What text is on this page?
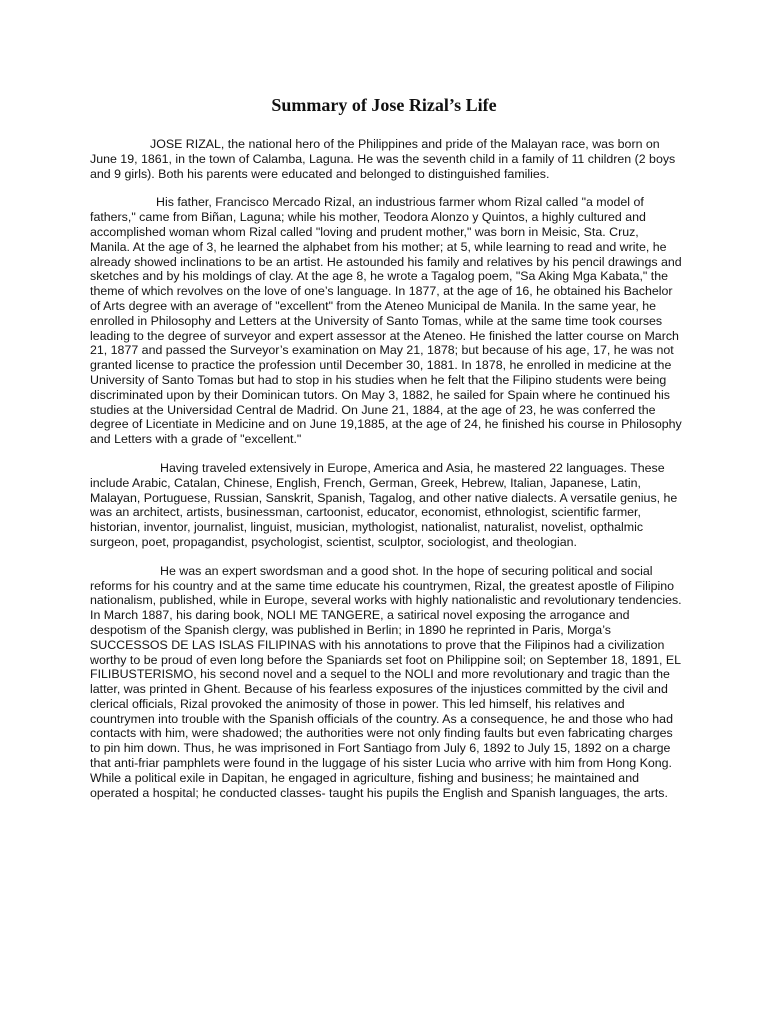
Summary of Jose Rizal’s Life

JOSE RIZAL, the national hero of the Philippines and pride of the Malayan race, was born on June 19, 1861, in the town of Calamba, Laguna. He was the seventh child in a family of 11 children (2 boys and 9 girls). Both his parents were educated and belonged to distinguished families.

His father, Francisco Mercado Rizal, an industrious farmer whom Rizal called "a model of fathers," came from Biñan, Laguna; while his mother, Teodora Alonzo y Quintos, a highly cultured and accomplished woman whom Rizal called "loving and prudent mother," was born in Meisic, Sta. Cruz, Manila. At the age of 3, he learned the alphabet from his mother; at 5, while learning to read and write, he already showed inclinations to be an artist. He astounded his family and relatives by his pencil drawings and sketches and by his moldings of clay. At the age 8, he wrote a Tagalog poem, "Sa Aking Mga Kabata," the theme of which revolves on the love of one’s language. In 1877, at the age of 16, he obtained his Bachelor of Arts degree with an average of "excellent" from the Ateneo Municipal de Manila. In the same year, he enrolled in Philosophy and Letters at the University of Santo Tomas, while at the same time took courses leading to the degree of surveyor and expert assessor at the Ateneo. He finished the latter course on March 21, 1877 and passed the Surveyor’s examination on May 21, 1878; but because of his age, 17, he was not granted license to practice the profession until December 30, 1881. In 1878, he enrolled in medicine at the University of Santo Tomas but had to stop in his studies when he felt that the Filipino students were being discriminated upon by their Dominican tutors. On May 3, 1882, he sailed for Spain where he continued his studies at the Universidad Central de Madrid. On June 21, 1884, at the age of 23, he was conferred the degree of Licentiate in Medicine and on June 19,1885, at the age of 24, he finished his course in Philosophy and Letters with a grade of "excellent."

Having traveled extensively in Europe, America and Asia, he mastered 22 languages. These include Arabic, Catalan, Chinese, English, French, German, Greek, Hebrew, Italian, Japanese, Latin, Malayan, Portuguese, Russian, Sanskrit, Spanish, Tagalog, and other native dialects. A versatile genius, he was an architect, artists, businessman, cartoonist, educator, economist, ethnologist, scientific farmer, historian, inventor, journalist, linguist, musician, mythologist, nationalist, naturalist, novelist, opthalmic surgeon, poet, propagandist, psychologist, scientist, sculptor, sociologist, and theologian.

He was an expert swordsman and a good shot. In the hope of securing political and social reforms for his country and at the same time educate his countrymen, Rizal, the greatest apostle of Filipino nationalism, published, while in Europe, several works with highly nationalistic and revolutionary tendencies. In March 1887, his daring book, NOLI ME TANGERE, a satirical novel exposing the arrogance and despotism of the Spanish clergy, was published in Berlin; in 1890 he reprinted in Paris, Morga’s SUCCESSOS DE LAS ISLAS FILIPINAS with his annotations to prove that the Filipinos had a civilization worthy to be proud of even long before the Spaniards set foot on Philippine soil; on September 18, 1891, EL FILIBUSTERISMO, his second novel and a sequel to the NOLI and more revolutionary and tragic than the latter, was printed in Ghent. Because of his fearless exposures of the injustices committed by the civil and clerical officials, Rizal provoked the animosity of those in power. This led himself, his relatives and countrymen into trouble with the Spanish officials of the country. As a consequence, he and those who had contacts with him, were shadowed; the authorities were not only finding faults but even fabricating charges to pin him down. Thus, he was imprisoned in Fort Santiago from July 6, 1892 to July 15, 1892 on a charge that anti-friar pamphlets were found in the luggage of his sister Lucia who arrive with him from Hong Kong. While a political exile in Dapitan, he engaged in agriculture, fishing and business; he maintained and operated a hospital; he conducted classes- taught his pupils the English and Spanish languages, the arts.
